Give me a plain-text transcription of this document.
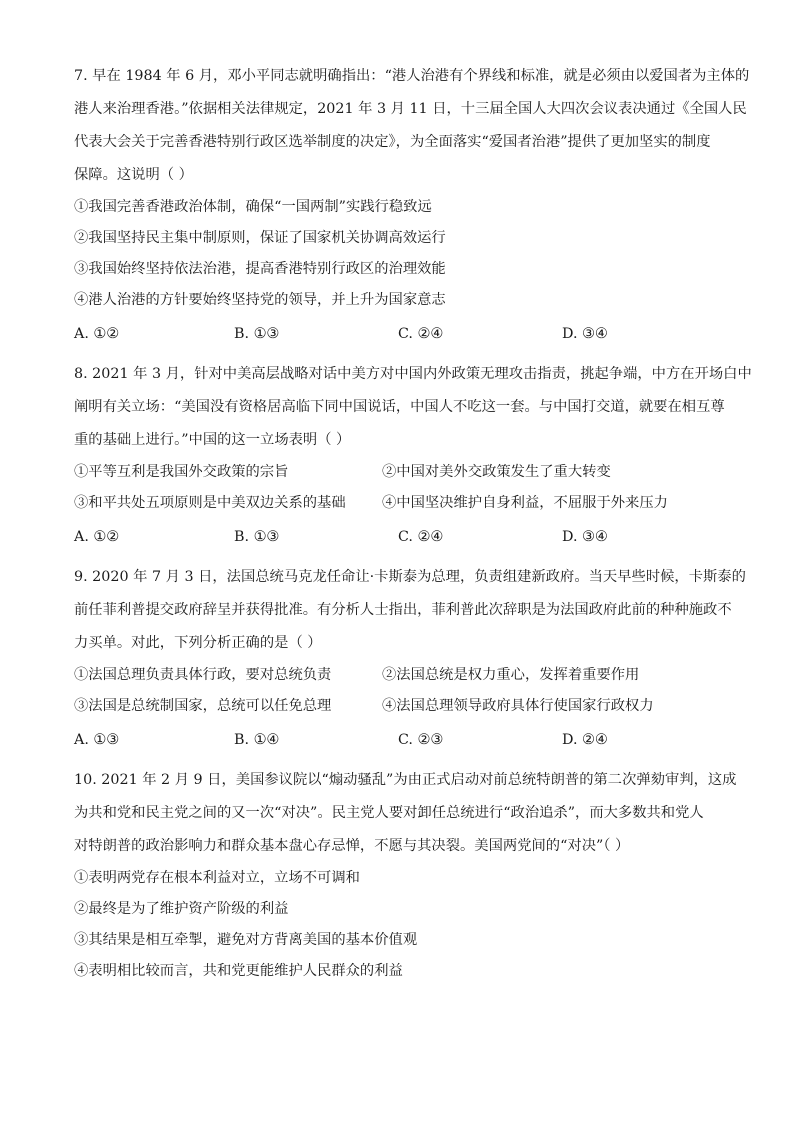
7. 早在 1984 年 6 月，邓小平同志就明确指出：“港人治港有个界线和标准，就是必须由以爱国者为主体的
港人来治理香港。”依据相关法律规定，2021 年 3 月 11 日，十三届全国人大四次会议表决通过《全国人民
代表大会关于完善香港特别行政区选举制度的决定》，为全面落实“爱国者治港”提供了更加坚实的制度
保障。这说明（ ）
①我国完善香港政治体制，确保“一国两制”实践行稳致远
②我国坚持民主集中制原则，保证了国家机关协调高效运行
③我国始终坚持依法治港，提高香港特别行政区的治理效能
④港人治港的方针要始终坚持党的领导，并上升为国家意志
A. ①②	B. ①③	C. ②④	D. ③④
8. 2021 年 3 月，针对中美高层战略对话中美方对中国内外政策无理攻击指责，挑起争端，中方在开场白中
阐明有关立场：“美国没有资格居高临下同中国说话，中国人不吃这一套。与中国打交道，就要在相互尊
重的基础上进行。”中国的这一立场表明（ ）
①平等互利是我国外交政策的宗旨	②中国对美外交政策发生了重大转变
③和平共处五项原则是中美双边关系的基础	④中国坚决维护自身利益，不屈服于外来压力
A. ①②	B. ①③	C. ②④	D. ③④
9. 2020 年 7 月 3 日，法国总统马克龙任命让·卡斯泰为总理，负责组建新政府。当天早些时候，卡斯泰的
前任菲利普提交政府辞呈并获得批准。有分析人士指出，菲利普此次辞职是为法国政府此前的种种施政不
力买单。对此，下列分析正确的是（ ）
①法国总理负责具体行政，要对总统负责	②法国总统是权力重心，发挥着重要作用
③法国是总统制国家，总统可以任免总理	④法国总理领导政府具体行使国家行政权力
A. ①③	B. ①④	C. ②③	D. ②④
10. 2021 年 2 月 9 日，美国参议院以“煽动骚乱”为由正式启动对前总统特朗普的第二次弹劾审判，这成
为共和党和民主党之间的又一次“对决”。民主党人要对卸任总统进行“政治追杀”，而大多数共和党人
对特朗普的政治影响力和群众基本盘心存忌惮，不愿与其决裂。美国两党间的“对决”（ ）
①表明两党存在根本利益对立，立场不可调和
②最终是为了维护资产阶级的利益
③其结果是相互牵掣，避免对方背离美国的基本价值观
④表明相比较而言，共和党更能维护人民群众的利益
